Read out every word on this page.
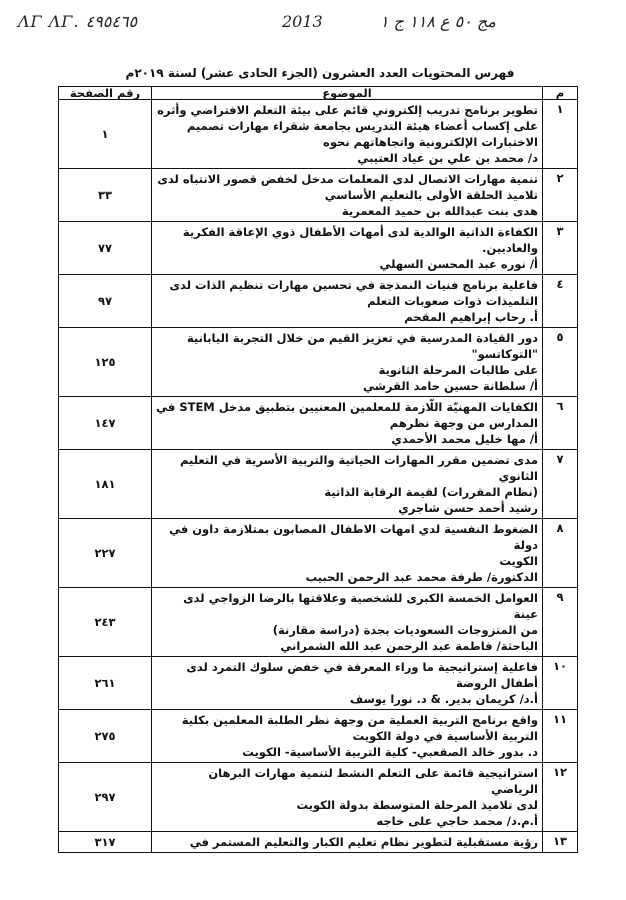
ΛΓ ΛΓ. ٤٩٥٤٦٥	2013	مج ٥٠ ع ١١٨ ج ١
فهرس المحتويات العدد العشرون (الجزء الحادى عشر) لسنة ٢٠١٩م
م	الموضوع	رقم الصفحة
١	تطوير برنامج تدريب إلكتروني قائم على بيئة التعلم الافتراضي وأثره
على إكساب أعضاء هيئة التدريس بجامعة شقراء مهارات تصميم
الاختبارات الإلكترونية واتجاهاتهم نحوه
د/ محمد بن علي بن عياد العتيبي	١
٢	تنمية مهارات الاتصال لدى المعلمات مدخل لخفض قصور الانتباه لدى
تلاميذ الحلقة الأولى بالتعليم الأساسي
هدى بنت عبدالله بن حميد المعمرية	٣٣
٣	الكفاءة الذاتية الوالدية لدى أمهات الأطفال ذوي الإعاقة الفكرية
والعاديين.
أ/ نوره عبد المحسن السهلي	٧٧
٤	فاعلية برنامج فنيات النمذجة في تحسين مهارات تنظيم الذات لدى
التلميذات ذوات صعوبات التعلم
أ. رحاب إبراهيم المقحم	٩٧
٥	دور القيادة المدرسية في تعزيز القيم من خلال التجربة اليابانية
"التوكاتسو"
على طالبات المرحلة الثانوية
أ/ سلطانة حسين حامد القرشي	١٢٥
٦	الكفايات المهنيّة اللّازمة للمعلمين المعنيين بتطبيق مدخل STEM في
المدارس من وجهة نظرهم
أ/ مها خليل محمد الأحمدي	١٤٧
٧	مدى تضمين مقرر المهارات الحياتية والتربية الأسرية في التعليم الثانوي
(نظام المقررات) لقيمة الرقابة الذاتية
رشيد أحمد حسن شاجري	١٨١
٨	الضغوط النفسية لدي امهات الاطفال المصابون بمتلازمة داون في دولة
الكويت
الدكتورة/ طرفة محمد عبد الرحمن الحبيب	٢٢٧
٩	العوامل الخمسة الكبرى للشخصية وعلاقتها بالرضا الزواجي لدى عينة
من المتزوجات السعوديات بجدة (دراسة مقارنة)
الباحثة/ فاطمة عبد الرحمن عبد الله الشمراني	٢٤٣
١٠	فاعلية إستراتيجية ما وراء المعرفة في خفض سلوك التمرد لدى
أطفال الروضة
أ.د/ كريمان بدير. & د. نورا يوسف	٢٦١
١١	واقع برنامج التربية العملية من وجهة نظر الطلبة المعلمين بكلية
التربية الأساسية في دولة الكويت
د. بدور خالد الصقعبي- كلية التربية الأساسية- الكويت	٢٧٥
١٢	استراتيجية قائمة على التعلم النشط لتنمية مهارات البرهان
الرياضي
لدى تلاميذ المرحلة المتوسطة بدولة الكويت
أ.م.د/ محمد حاجي على خاجه	٢٩٧
١٣	رؤية مستقبلية لتطوير نظام تعليم الكبار والتعليم المستمر في	٣١٧
